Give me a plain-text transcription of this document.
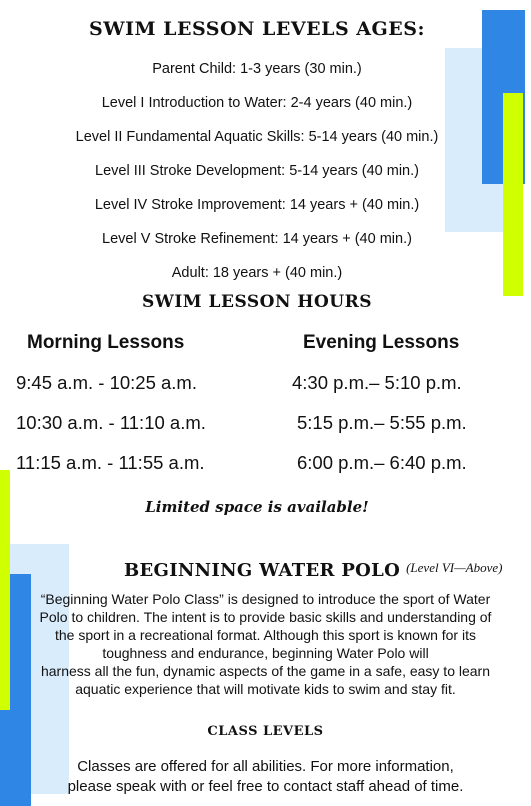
SWIM LESSON LEVELS AGES:
Parent Child: 1-3 years (30 min.)
Level I Introduction to Water: 2-4 years (40 min.)
Level II Fundamental Aquatic Skills: 5-14 years (40 min.)
Level III Stroke Development: 5-14 years (40 min.)
Level IV Stroke Improvement: 14 years + (40 min.)
Level V Stroke Refinement: 14 years + (40 min.)
Adult: 18 years + (40 min.)
SWIM LESSON HOURS
Morning Lessons	Evening Lessons
9:45 a.m. - 10:25 a.m.
10:30 a.m. - 11:10 a.m.
11:15 a.m. - 11:55 a.m.
4:30 p.m.– 5:10 p.m.
5:15 p.m.– 5:55 p.m.
6:00 p.m.– 6:40 p.m.
Limited space is available!
BEGINNING WATER POLO $^{(Level VI—Above)}$
“Beginning Water Polo Class” is designed to introduce the sport of Water
Polo to children. The intent is to provide basic skills and understanding of
the sport in a recreational format. Although this sport is known for its
toughness and endurance, beginning Water Polo will
harness all the fun, dynamic aspects of the game in a safe, easy to learn
aquatic experience that will motivate kids to swim and stay fit.
CLASS LEVELS
Classes are offered for all abilities. For more information,
please speak with or feel free to contact staff ahead of time.
